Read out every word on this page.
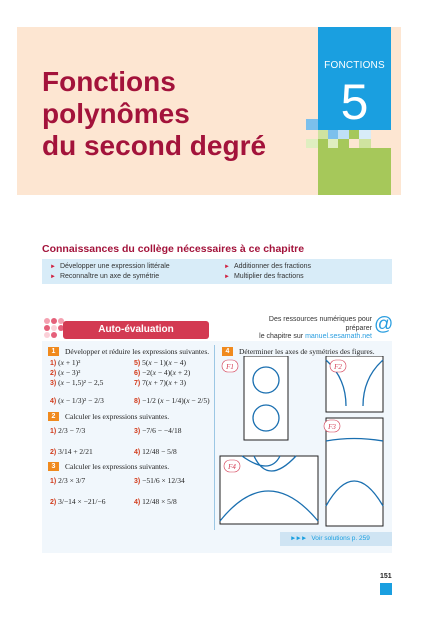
Fonctions
polynômes
du second degré
FONCTIONS
5
Connaissances du collège nécessaires à ce chapitre
► Développer une expression littérale	► Additionner des fractions
► Reconnaître un axe de symétrie	► Multiplier des fractions
Des ressources numériques pour préparer
le chapitre sur manuel.sesamath.net
@
Auto-évaluation
1 Développer et réduire les expressions suivantes.
1) (x + 1)²
2) (x − 3)²
3) (x − 1,5)² − 2,5
4) (x − 1/3)² − 2/3
5) 5(x − 1)(x − 4)
6) −2(x − 4)(x + 2)
7) 7(x + 7)(x + 3)
8) −1/2 (x − 1/4)(x − 2/5)
2 Calculer les expressions suivantes.
1) 2/3 − 7/3	3) −7/6 − −4/18
2) 3/14 + 2/21	4) 12/48 − 5/8
3 Calculer les expressions suivantes.
1) 2/3 × 3/7	3) −51/6 × 12/34
2) 3/−14 × −21/−6	4) 12/48 × 5/8
4 Déterminer les axes de symétries des figures.
F1	F2
F3
F4
►►► Voir solutions p. 259
151
